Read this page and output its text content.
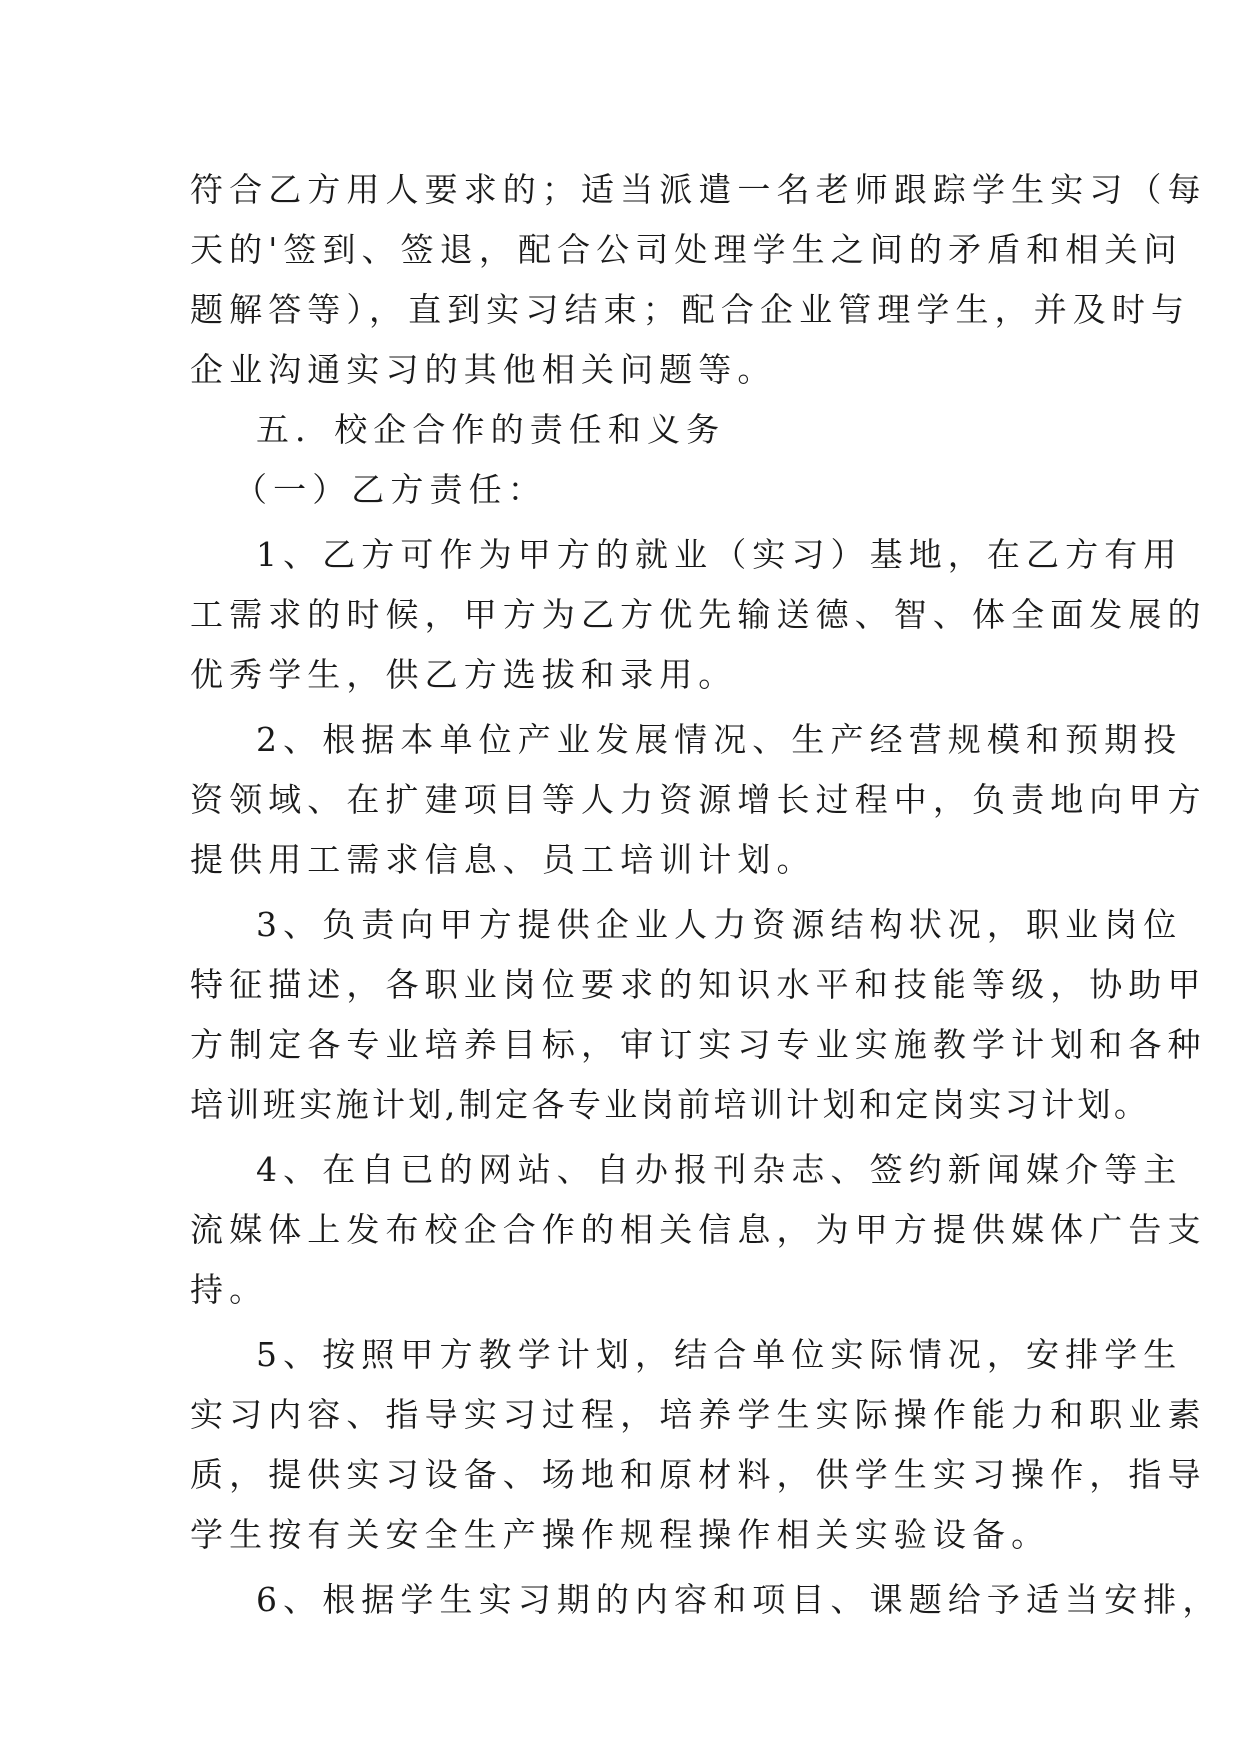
符合乙方用人要求的；适当派遣一名老师跟踪学生实习（每
天的'签到、签退，配合公司处理学生之间的矛盾和相关问
题解答等），直到实习结束；配合企业管理学生，并及时与
企业沟通实习的其他相关问题等。
五．校企合作的责任和义务
（一）乙方责任：
1、乙方可作为甲方的就业（实习）基地，在乙方有用
工需求的时候，甲方为乙方优先输送德、智、体全面发展的
优秀学生，供乙方选拔和录用。
2、根据本单位产业发展情况、生产经营规模和预期投
资领域、在扩建项目等人力资源增长过程中，负责地向甲方
提供用工需求信息、员工培训计划。
3、负责向甲方提供企业人力资源结构状况，职业岗位
特征描述，各职业岗位要求的知识水平和技能等级，协助甲
方制定各专业培养目标，审订实习专业实施教学计划和各种
培训班实施计划,制定各专业岗前培训计划和定岗实习计划。
4、在自已的网站、自办报刊杂志、签约新闻媒介等主
流媒体上发布校企合作的相关信息，为甲方提供媒体广告支
持。
5、按照甲方教学计划，结合单位实际情况，安排学生
实习内容、指导实习过程，培养学生实际操作能力和职业素
质，提供实习设备、场地和原材料，供学生实习操作，指导
学生按有关安全生产操作规程操作相关实验设备。
6、根据学生实习期的内容和项目、课题给予适当安排，
